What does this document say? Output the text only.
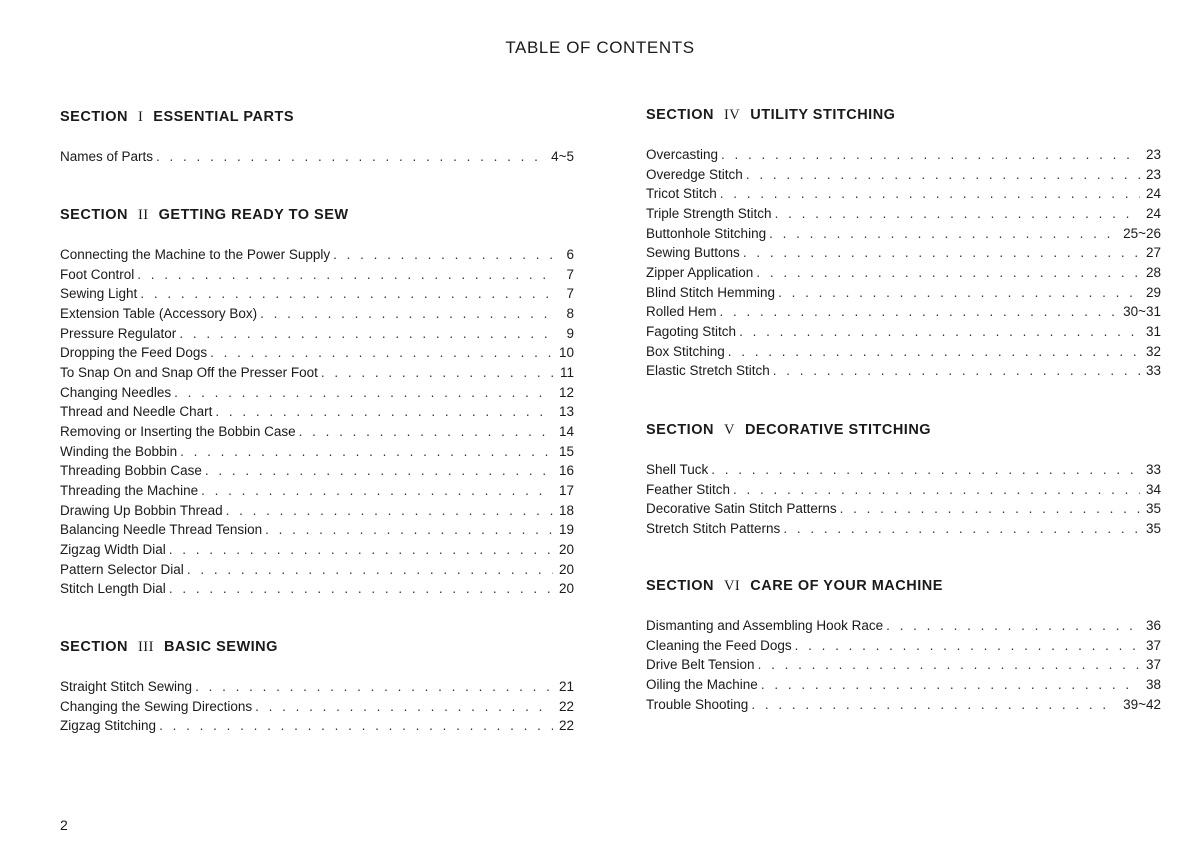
TABLE OF CONTENTS
SECTION I ESSENTIAL PARTS
Names of Parts . . .	4~5
SECTION II GETTING READY TO SEW
Connecting the Machine to the Power Supply . . .	6
Foot Control . . .	7
Sewing Light . . .	7
Extension Table (Accessory Box) . . .	8
Pressure Regulator . . .	9
Dropping the Feed Dogs . . .	10
To Snap On and Snap Off the Presser Foot . . .	11
Changing Needles . . .	12
Thread and Needle Chart . . .	13
Removing or Inserting the Bobbin Case . . .	14
Winding the Bobbin . . .	15
Threading Bobbin Case . . .	16
Threading the Machine . . .	17
Drawing Up Bobbin Thread . . .	18
Balancing Needle Thread Tension . . .	19
Zigzag Width Dial . . .	20
Pattern Selector Dial . . .	20
Stitch Length Dial . . .	20
SECTION III BASIC SEWING
Straight Stitch Sewing . . .	21
Changing the Sewing Directions . . .	22
Zigzag Stitching . . .	22
SECTION IV UTILITY STITCHING
Overcasting . . .	23
Overedge Stitch . . .	23
Tricot Stitch . . .	24
Triple Strength Stitch . . .	24
Buttonhole Stitching . . .	25~26
Sewing Buttons . . .	27
Zipper Application . . .	28
Blind Stitch Hemming . . .	29
Rolled Hem . . .	30~31
Fagoting Stitch . . .	31
Box Stitching . . .	32
Elastic Stretch Stitch . . .	33
SECTION V DECORATIVE STITCHING
Shell Tuck . . .	33
Feather Stitch . . .	34
Decorative Satin Stitch Patterns . . .	35
Stretch Stitch Patterns . . .	35
SECTION VI CARE OF YOUR MACHINE
Dismanting and Assembling Hook Race . . .	36
Cleaning the Feed Dogs . . .	37
Drive Belt Tension . . .	37
Oiling the Machine . . .	38
Trouble Shooting . . .	39~42
2
